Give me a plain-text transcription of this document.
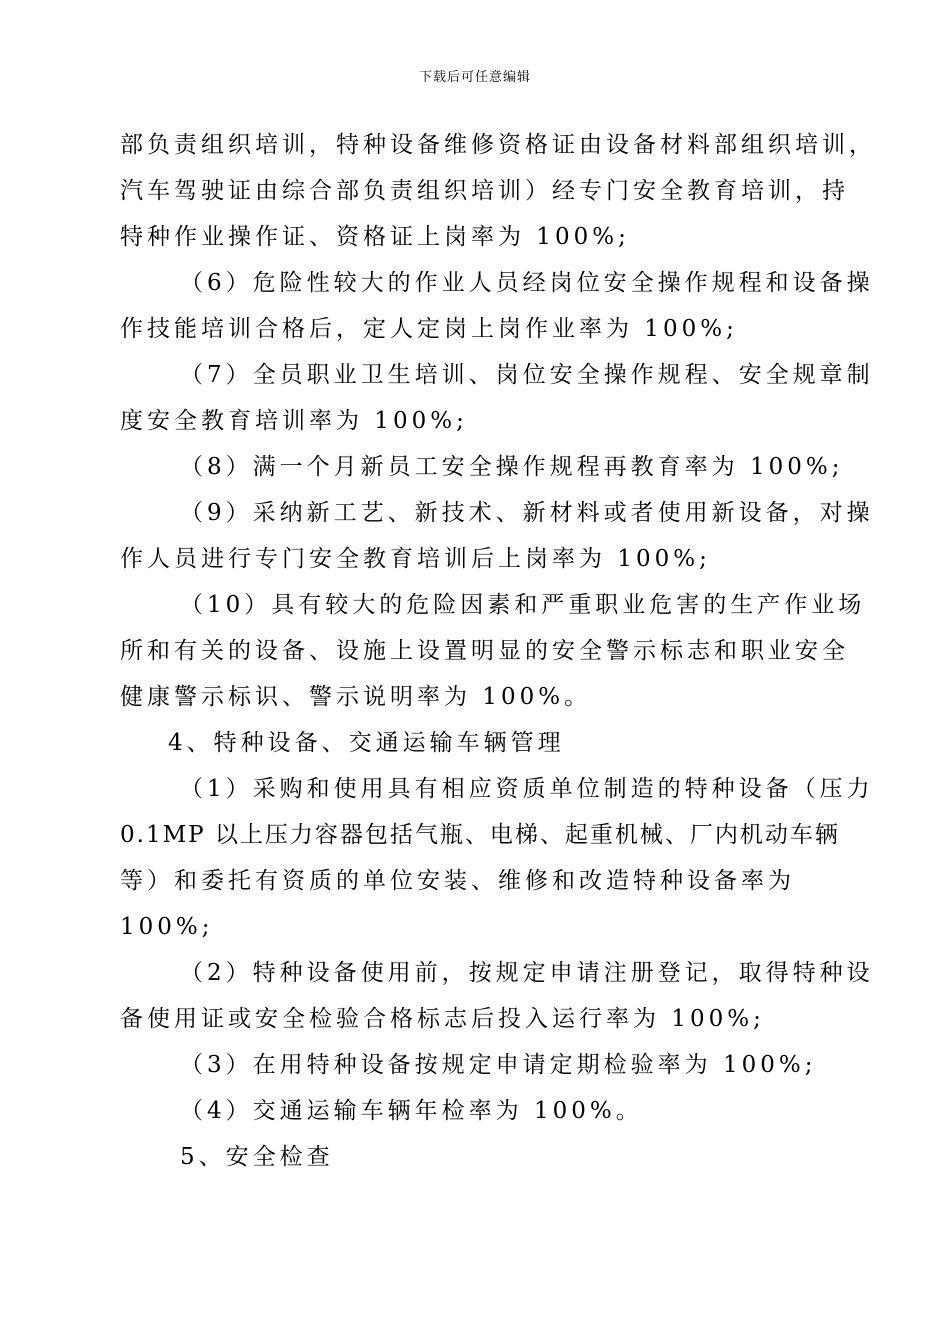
下载后可任意编辑
部负责组织培训，特种设备维修资格证由设备材料部组织培训，
汽车驾驶证由综合部负责组织培训）经专门安全教育培训，持
特种作业操作证、资格证上岗率为 100%;
（6）危险性较大的作业人员经岗位安全操作规程和设备操
作技能培训合格后，定人定岗上岗作业率为 100%;
（7）全员职业卫生培训、岗位安全操作规程、安全规章制
度安全教育培训率为 100%;
（8）满一个月新员工安全操作规程再教育率为 100%;
（9）采纳新工艺、新技术、新材料或者使用新设备，对操
作人员进行专门安全教育培训后上岗率为 100%;
（10）具有较大的危险因素和严重职业危害的生产作业场
所和有关的设备、设施上设置明显的安全警示标志和职业安全
健康警示标识、警示说明率为 100%。
4、特种设备、交通运输车辆管理
（1）采购和使用具有相应资质单位制造的特种设备（压力
0.1MP 以上压力容器包括气瓶、电梯、起重机械、厂内机动车辆
等）和委托有资质的单位安装、维修和改造特种设备率为
100%;
（2）特种设备使用前，按规定申请注册登记，取得特种设
备使用证或安全检验合格标志后投入运行率为 100%;
（3）在用特种设备按规定申请定期检验率为 100%;
（4）交通运输车辆年检率为 100%。
5、安全检查
